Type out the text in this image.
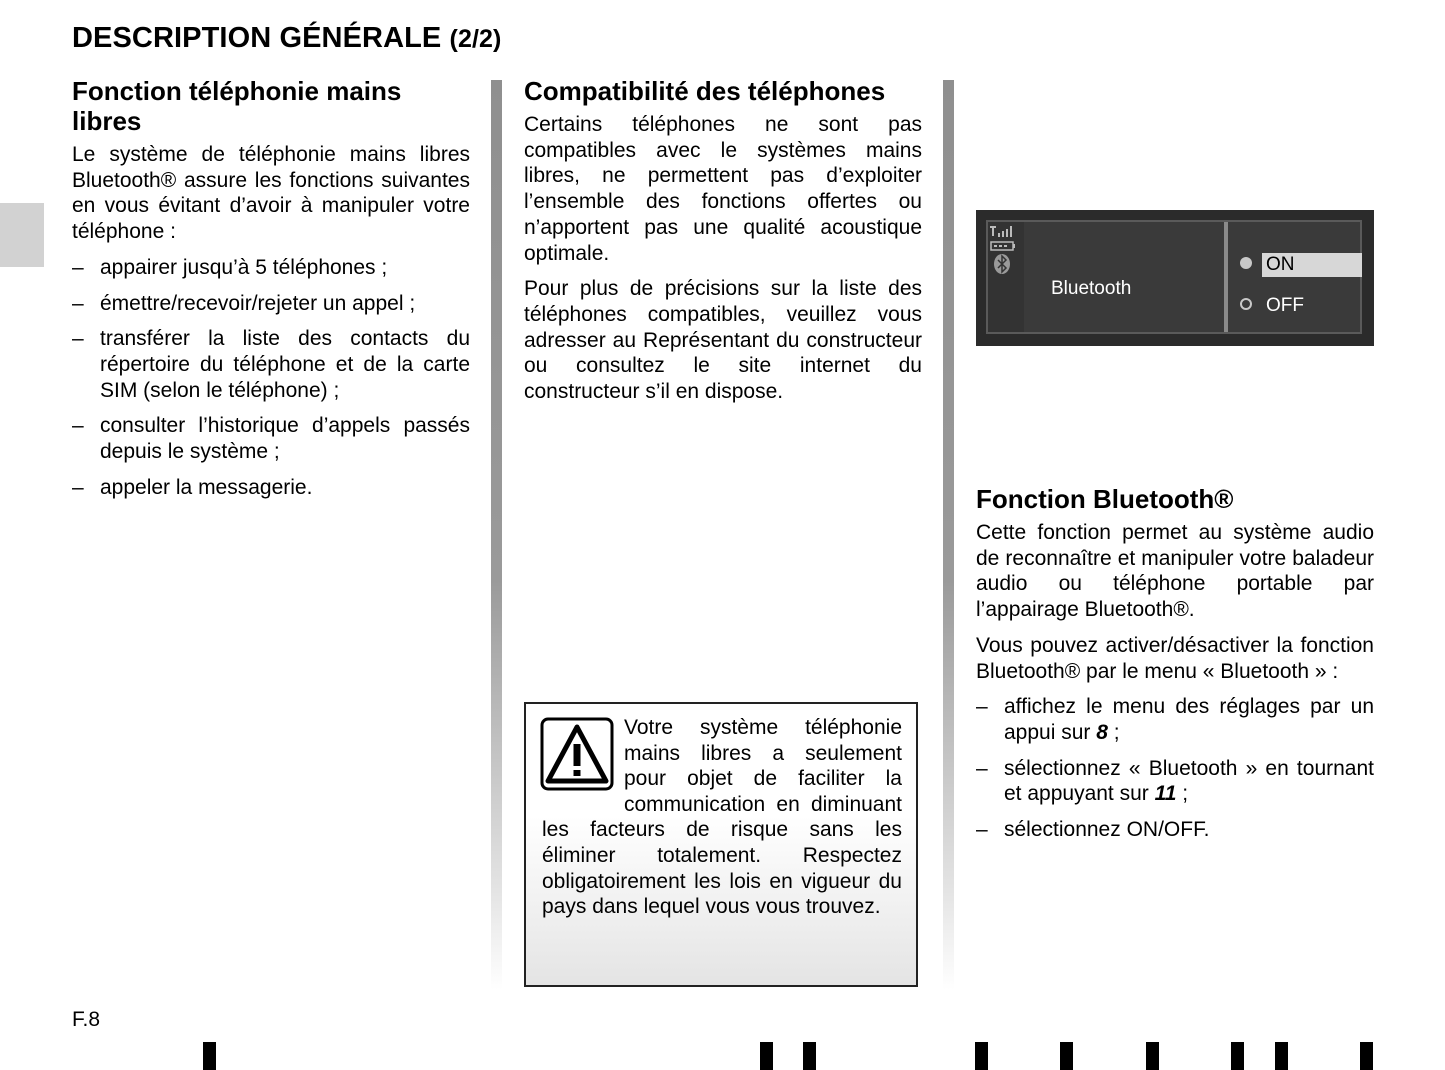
DESCRIPTION GÉNÉRALE (2/2)
Fonction téléphonie mains libres

Le système de téléphonie mains libres Bluetooth® assure les fonctions suivantes en vous évitant d’avoir à manipuler votre téléphone :

– appairer jusqu’à 5 téléphones ;
– émettre/recevoir/rejeter un appel ;
– transférer la liste des contacts du répertoire du téléphone et de la carte SIM (selon le téléphone) ;
– consulter l’historique d’appels passés depuis le système ;
– appeler la messagerie.
Compatibilité des téléphones

Certains téléphones ne sont pas compatibles avec le systèmes mains libres, ne permettent pas d’exploiter l’ensemble des fonctions offertes ou n’apportent pas une qualité acoustique optimale.

Pour plus de précisions sur la liste des téléphones compatibles, veuillez vous adresser au Représentant du constructeur ou consultez le site internet du constructeur s’il en dispose.

Votre système téléphonie mains libres a seulement pour objet de faciliter la communication en diminuant les facteurs de risque sans les éliminer totalement. Respectez obligatoirement les lois en vigueur du pays dans lequel vous vous trouvez.

Bluetooth
ON
OFF
Fonction Bluetooth®

Cette fonction permet au système audio de reconnaître et manipuler votre baladeur audio ou téléphone portable par l’appairage Bluetooth®.

Vous pouvez activer/désactiver la fonction Bluetooth® par le menu « Bluetooth » :

– affichez le menu des réglages par un appui sur 8 ;
– sélectionnez « Bluetooth » en tournant et appuyant sur 11 ;
– sélectionnez ON/OFF.
F.8
